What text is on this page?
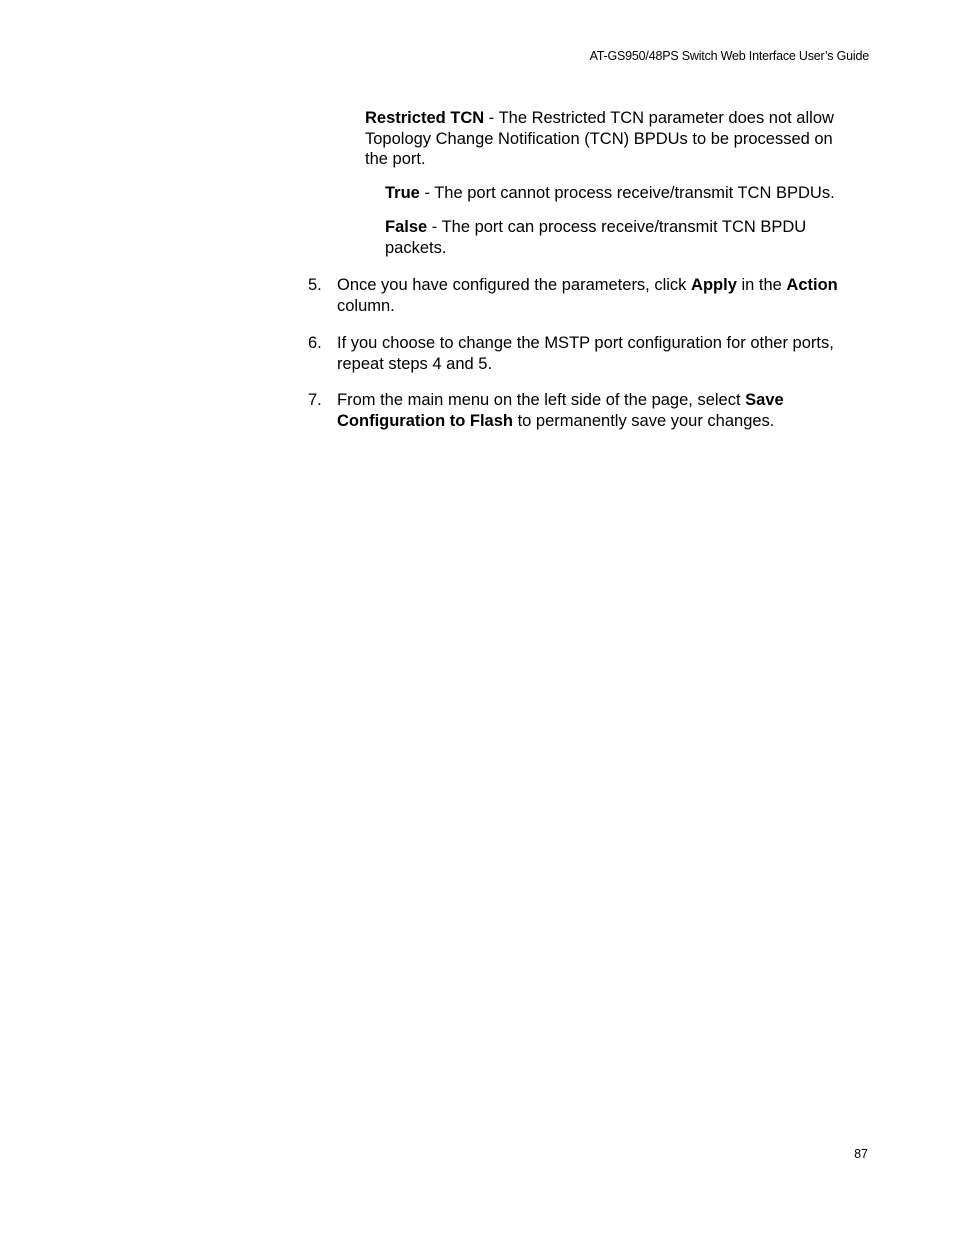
AT-GS950/48PS Switch Web Interface User’s Guide

Restricted TCN - The Restricted TCN parameter does not allow Topology Change Notification (TCN) BPDUs to be processed on the port.

True - The port cannot process receive/transmit TCN BPDUs.

False - The port can process receive/transmit TCN BPDU packets.

5. Once you have configured the parameters, click Apply in the Action column.
6. If you choose to change the MSTP port configuration for other ports, repeat steps 4 and 5.
7. From the main menu on the left side of the page, select Save Configuration to Flash to permanently save your changes.
87
